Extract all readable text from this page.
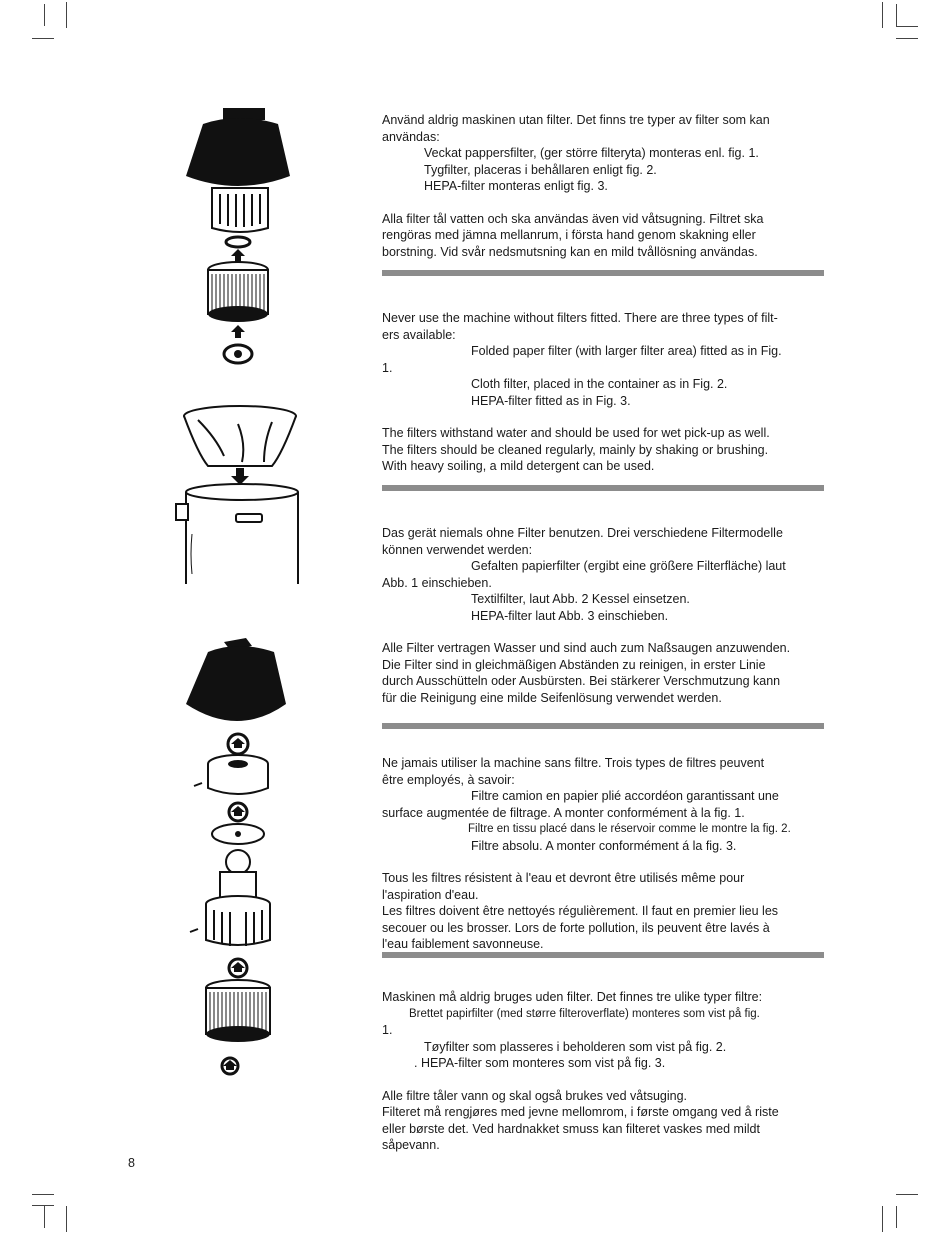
Använd aldrig maskinen utan filter. Det finns tre typer av filter som kan

användas:

Veckat pappersfilter, (ger större filteryta) monteras enl. fig. 1.

Tygfilter, placeras i behållaren enligt fig. 2.

HEPA-filter monteras enligt fig. 3.

Alla filter tål vatten och ska användas även vid våtsugning. Filtret ska

rengöras med jämna mellanrum, i första hand genom skakning eller

borstning. Vid svår nedsmutsning kan en mild tvållösning användas.

Never use the machine without filters fitted. There are three types of filt-

ers available:

Folded paper filter (with larger filter area) fitted as in Fig.

1.

Cloth filter, placed in the container as in Fig. 2.

HEPA-filter fitted as in Fig. 3.

The filters withstand water and should be used for wet pick-up as well.

The filters should be cleaned regularly, mainly by shaking or brushing.

With heavy soiling, a mild detergent can be used.

Das gerät niemals ohne Filter benutzen. Drei verschiedene Filtermodelle

können verwendet werden:

Gefalten papierfilter (ergibt eine größere Filterfläche) laut

Abb. 1 einschieben.

Textilfilter, laut Abb. 2 Kessel einsetzen.

HEPA-filter laut Abb. 3 einschieben.

Alle Filter vertragen Wasser und sind auch zum Naßsaugen anzuwenden.

Die Filter sind in gleichmäßigen Abständen zu reinigen, in erster Linie

durch Ausschütteln oder Ausbürsten. Bei stärkerer Verschmutzung kann

für die Reinigung eine milde Seifenlösung verwendet werden.

Ne jamais utiliser la machine sans filtre. Trois types de filtres peuvent

être employés, à savoir:

Filtre camion en papier plié accordéon garantissant une

surface augmentée de filtrage. A monter conformément à la fig. 1.

Filtre en tissu placé dans le réservoir comme le montre la fig. 2.

Filtre absolu. A monter conformément á la fig. 3.

Tous les filtres résistent à l'eau et devront être utilisés même pour

l'aspiration d'eau.

Les filtres doivent être nettoyés régulièrement. Il faut en premier lieu les

secouer ou les brosser. Lors de forte pollution, ils peuvent être lavés à

l'eau faiblement savonneuse.

Maskinen må aldrig bruges uden filter. Det finnes tre ulike typer filtre:

Brettet papirfilter (med større filteroverflate) monteres som vist på fig.

1.

Tøyfilter som plasseres i beholderen som vist på fig. 2.

. HEPA-filter som monteres som vist på fig. 3.

Alle filtre tåler vann og skal også brukes ved våtsuging.

Filteret må rengjøres med jevne mellomrom, i første omgang ved å riste

eller børste det. Ved hardnakket smuss kan filteret vaskes med mildt

såpevann.

8
